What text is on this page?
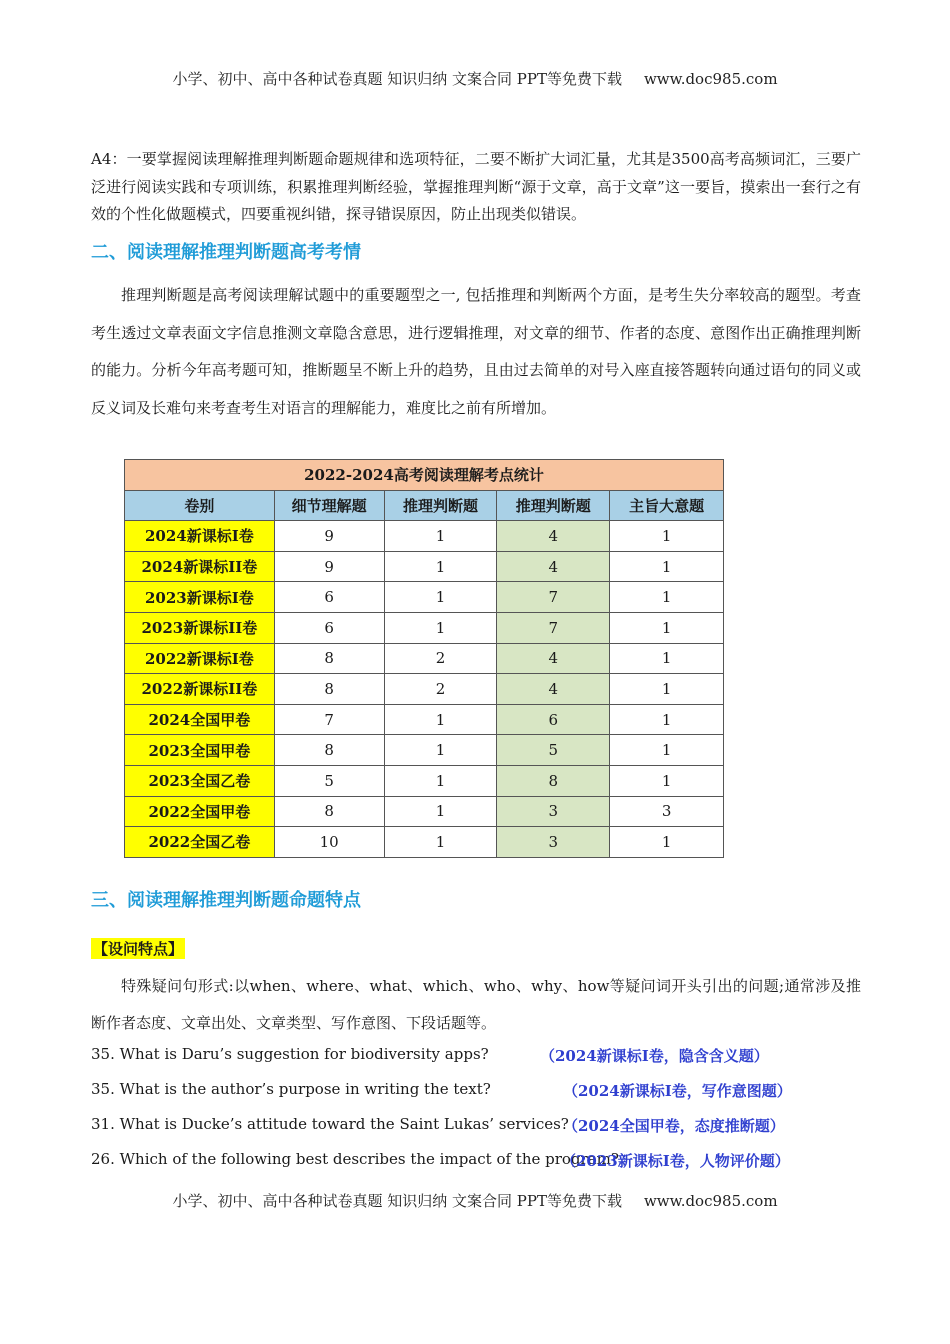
小学、初中、高中各种试卷真题 知识归纳 文案合同 PPT等免费下载 www.doc985.com
A4：一要掌握阅读理解推理判断题命题规律和选项特征，二要不断扩大词汇量，尤其是3500高考高频词汇，三要广泛进行阅读实践和专项训练，积累推理判断经验，掌握推理判断“源于文章，高于文章”这一要旨，摸索出一套行之有效的个性化做题模式，四要重视纠错，探寻错误原因，防止出现类似错误。
二、阅读理解推理判断题高考考情
推理判断题是高考阅读理解试题中的重要题型之一, 包括推理和判断两个方面，是考生失分率较高的题型。考查考生透过文章表面文字信息推测文章隐含意思，进行逻辑推理，对文章的细节、作者的态度、意图作出正确推理判断的能力。分析今年高考题可知，推断题呈不断上升的趋势，且由过去简单的对号入座直接答题转向通过语句的同义或反义词及长难句来考查考生对语言的理解能力，难度比之前有所增加。
2022-2024高考阅读理解考点统计				
卷别	细节理解题	推理判断题	推理判断题	主旨大意题
2024新课标I卷	9	1	4	1
2024新课标II卷	9	1	4	1
2023新课标I卷	6	1	7	1
2023新课标II卷	6	1	7	1
2022新课标I卷	8	2	4	1
2022新课标II卷	8	2	4	1
2024全国甲卷	7	1	6	1
2023全国甲卷	8	1	5	1
2023全国乙卷	5	1	8	1
2022全国甲卷	8	1	3	3
2022全国乙卷	10	1	3	1
三、阅读理解推理判断题命题特点
【设问特点】
特殊疑问句形式:以when、where、what、which、who、why、how等疑问词开头引出的问题;通常涉及推断作者态度、文章出处、文章类型、写作意图、下段话题等。
35. What is Daru’s suggestion for biodiversity apps?	（2024新课标I卷，隐含含义题）
35. What is the author’s purpose in writing the text?	（2024新课标I卷，写作意图题）
31. What is Ducke’s attitude toward the Saint Lukas’ services?
（2024全国甲卷，态度推断题）
26. Which of the following best describes the impact of the program?
（2023新课标I卷，人物评价题）
小学、初中、高中各种试卷真题 知识归纳 文案合同 PPT等免费下载 www.doc985.com
